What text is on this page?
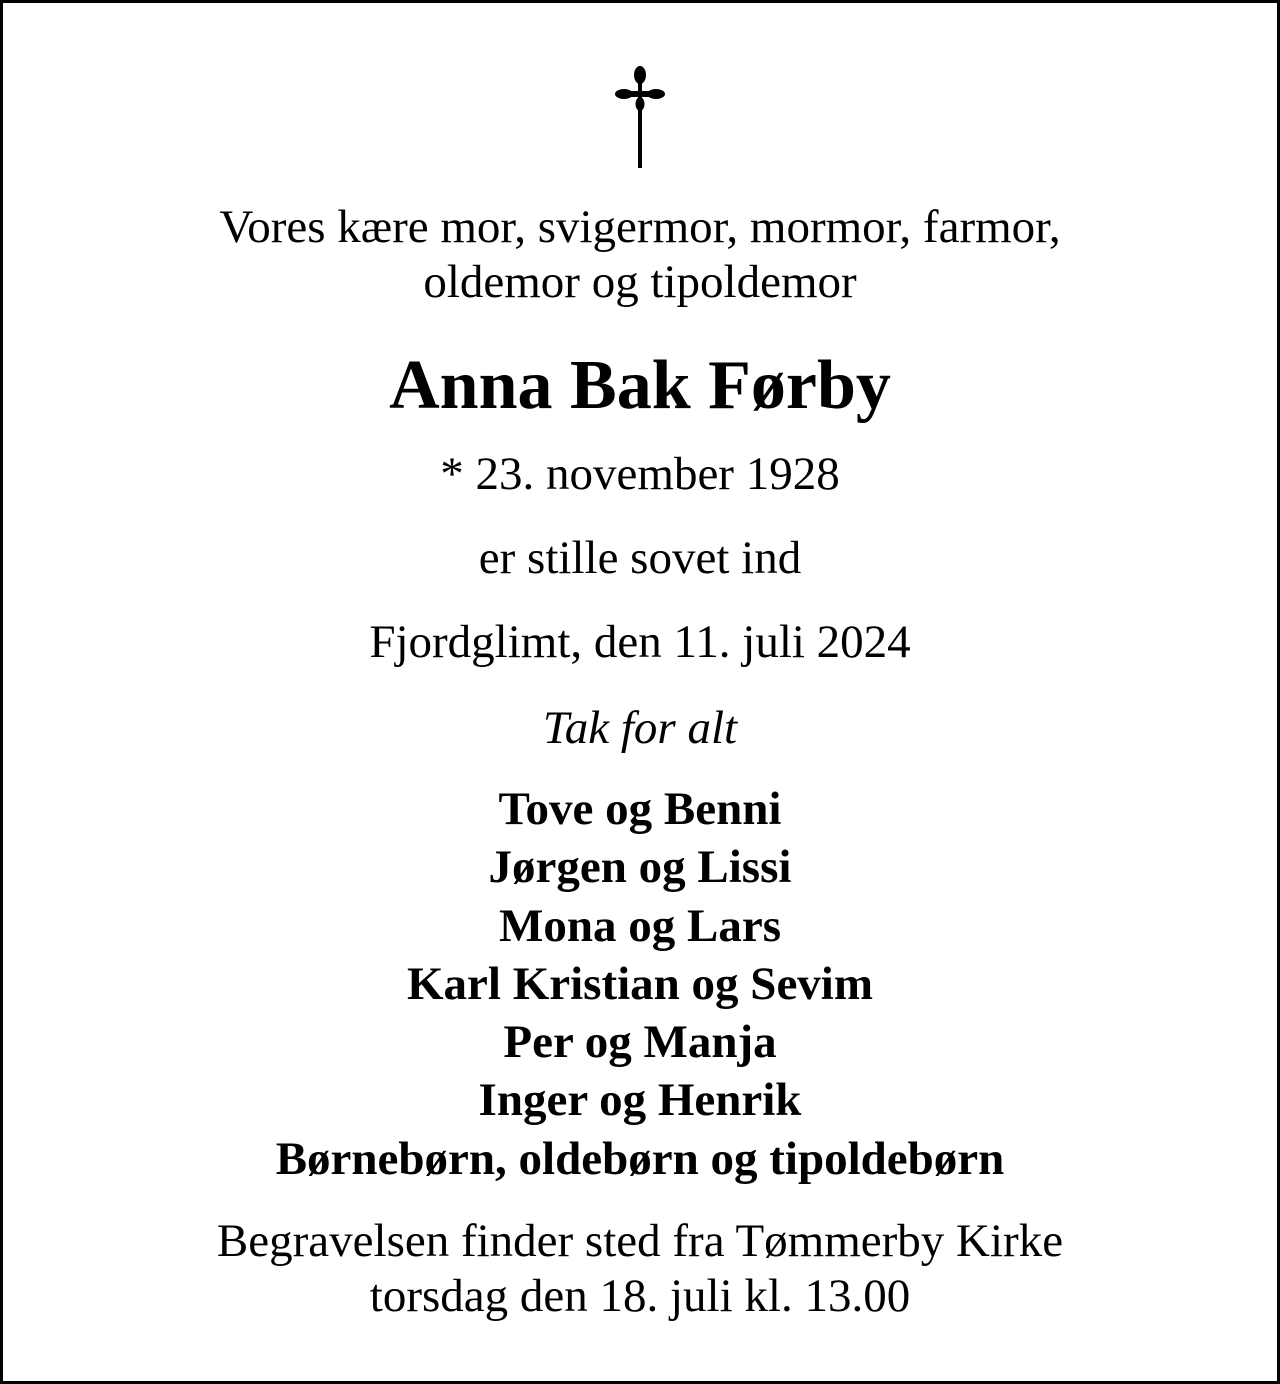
Vores kære mor, svigermor, mormor, farmor,
oldemor og tipoldemor

Anna Bak Førby

* 23. november 1928

er stille sovet ind

Fjordglimt, den 11. juli 2024

Tak for alt

Tove og Benni
Jørgen og Lissi
Mona og Lars
Karl Kristian og Sevim
Per og Manja
Inger og Henrik
Børnebørn, oldebørn og tipoldebørn

Begravelsen finder sted fra Tømmerby Kirke
torsdag den 18. juli kl. 13.00
